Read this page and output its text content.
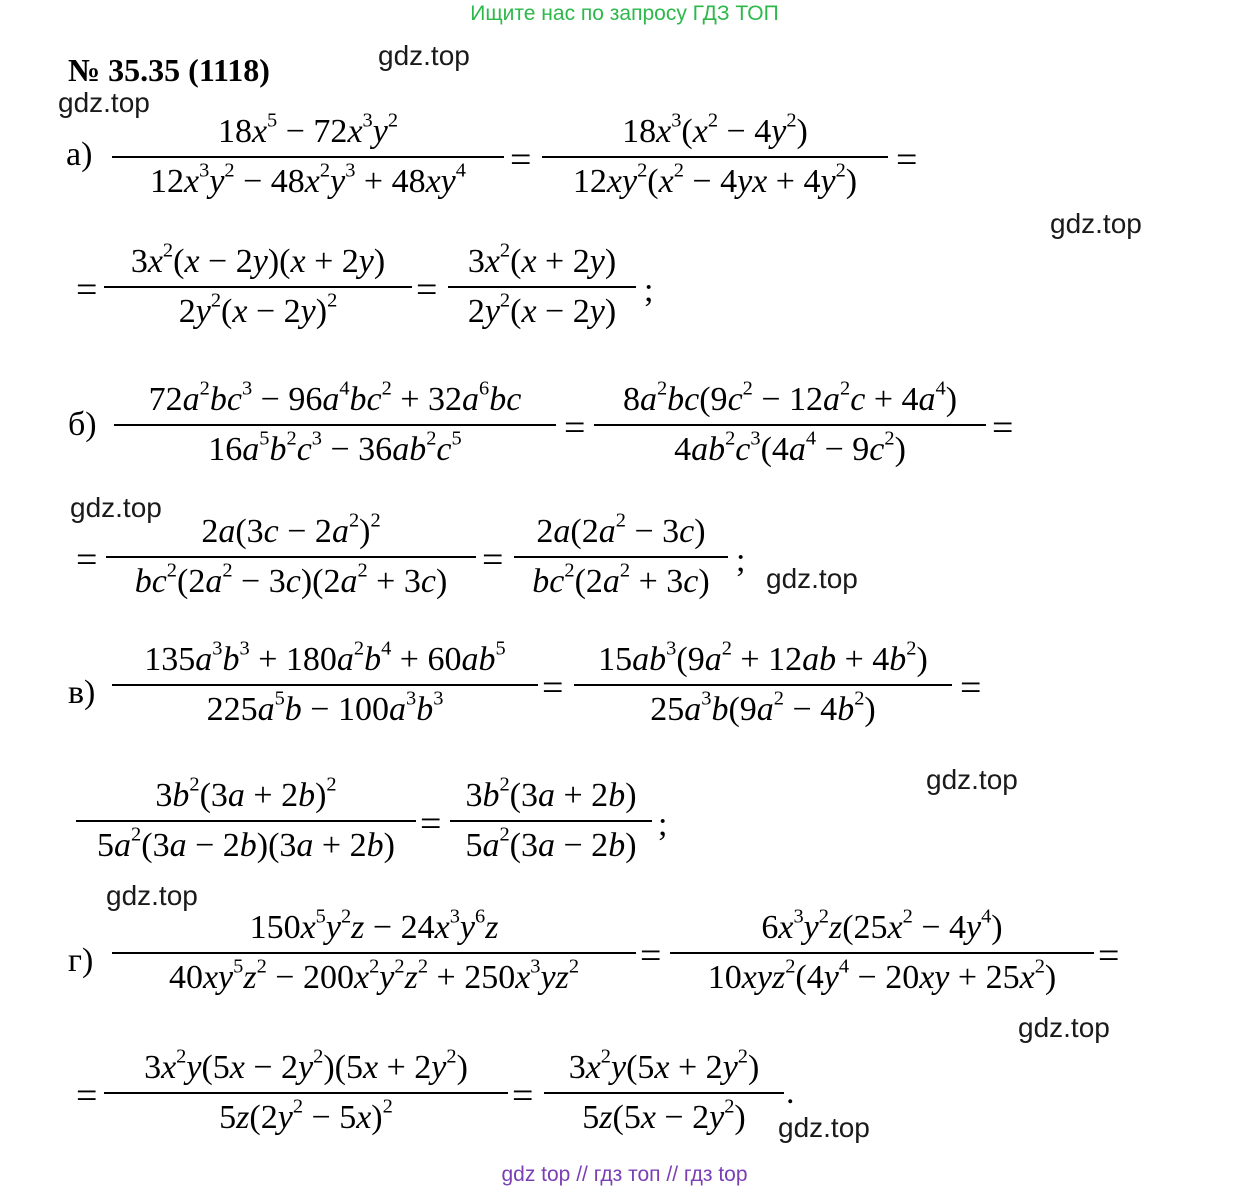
Ищите нас по запросу ГДЗ ТОП
№ 35.35 (1118)	gdz.top
gdz.top
gdz.top
gdz.top
gdz.top
gdz.top
gdz.top
gdz.top
gdz.top
а)
$18x^5 - 72x^3y^2$
$12x^3y^2 - 48x^2y^3 + 48xy^4$ =
$18x^3(x^2 - 4y^2)$
$12xy^2(x^2 - 4yx + 4y^2)$
=
=
$3x^2(x - 2y)(x + 2y)$
$2y^2(x - 2y)^2$ =
$3x^2(x + 2y)$
$2y^2(x - 2y)$
;
б)
$72a^2bc^3 - 96a^4bc^2 + 32a^6bc$
$16a^5b^2c^3 - 36ab^2c^5$	=
$8a^2bc(9c^2 - 12a^2c + 4a^4)$
$4ab^2c^3(4a^4 - 9c^2)$
=
=
$2a(3c - 2a^2)^2$
$bc^2(2a^2 - 3c)(2a^2 + 3c)$
=
$2a(2a^2 - 3c)$
$bc^2(2a^2 + 3c)$
;
в)
$135a^3b^3 + 180a^2b^4 + 60ab^5$
$225a^5b - 100a^3b^3$	=
$15ab^3(9a^2 + 12ab + 4b^2)$
$25a^3b(9a^2 - 4b^2)$
=
$3b^2(3a + 2b)^2$
$5a^2(3a - 2b)(3a + 2b)$
=
$3b^2(3a + 2b)$
$5a^2(3a - 2b)$
;
г)
$150x^5y^2z - 24x^3y^6z$
$40xy^5z^2 - 200x^2y^2z^2 + 250x^3yz^2$ =
$6x^3y^2z(25x^2 - 4y^4)$
$10xyz^2(4y^4 - 20xy + 25x^2)$
=
=
$3x^2y(5x - 2y^2)(5x + 2y^2)$
$5z(2y^2 - 5x)^2$	=
$3x^2y(5x + 2y^2)$
$5z(5x - 2y^2)$
.
gdz top // гдз топ // гдз top
